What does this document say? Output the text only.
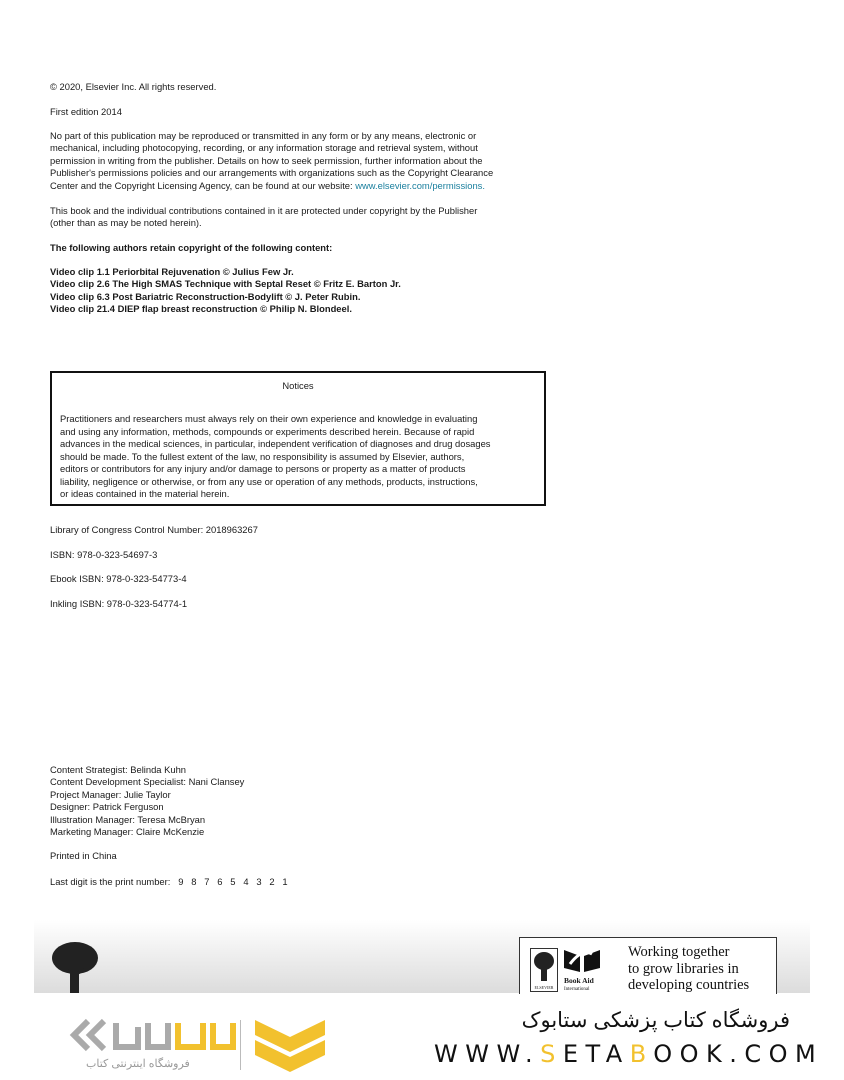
© 2020, Elsevier Inc. All rights reserved.
First edition 2014
No part of this publication may be reproduced or transmitted in any form or by any means, electronic or
mechanical, including photocopying, recording, or any information storage and retrieval system, without
permission in writing from the publisher. Details on how to seek permission, further information about the
Publisher's permissions policies and our arrangements with organizations such as the Copyright Clearance
Center and the Copyright Licensing Agency, can be found at our website: www.elsevier.com/permissions.
This book and the individual contributions contained in it are protected under copyright by the Publisher
(other than as may be noted herein).
The following authors retain copyright of the following content:
Video clip 1.1 Periorbital Rejuvenation © Julius Few Jr.
Video clip 2.6 The High SMAS Technique with Septal Reset © Fritz E. Barton Jr.
Video clip 6.3 Post Bariatric Reconstruction-Bodylift © J. Peter Rubin.
Video clip 21.4 DIEP flap breast reconstruction © Philip N. Blondeel.
Notices
Practitioners and researchers must always rely on their own experience and knowledge in evaluating
and using any information, methods, compounds or experiments described herein. Because of rapid
advances in the medical sciences, in particular, independent verification of diagnoses and drug dosages
should be made. To the fullest extent of the law, no responsibility is assumed by Elsevier, authors,
editors or contributors for any injury and/or damage to persons or property as a matter of products
liability, negligence or otherwise, or from any use or operation of any methods, products, instructions,
or ideas contained in the material herein.
Library of Congress Control Number: 2018963267
ISBN: 978-0-323-54697-3
Ebook ISBN: 978-0-323-54773-4
Inkling ISBN: 978-0-323-54774-1
Content Strategist: Belinda Kuhn
Content Development Specialist: Nani Clansey
Project Manager: Julie Taylor
Designer: Patrick Ferguson
Illustration Manager: Teresa McBryan
Marketing Manager: Claire McKenzie
Printed in China
Last digit is the print number:   9   8   7   6   5   4   3   2   1
ELSEVIER
Book Aid
International
Working together
to grow libraries in
developing countries
فروشگاه اینترنتی کتاب
فروشگاه کتاب پزشکی ستابوک
WWW.SETABOOK.COM
